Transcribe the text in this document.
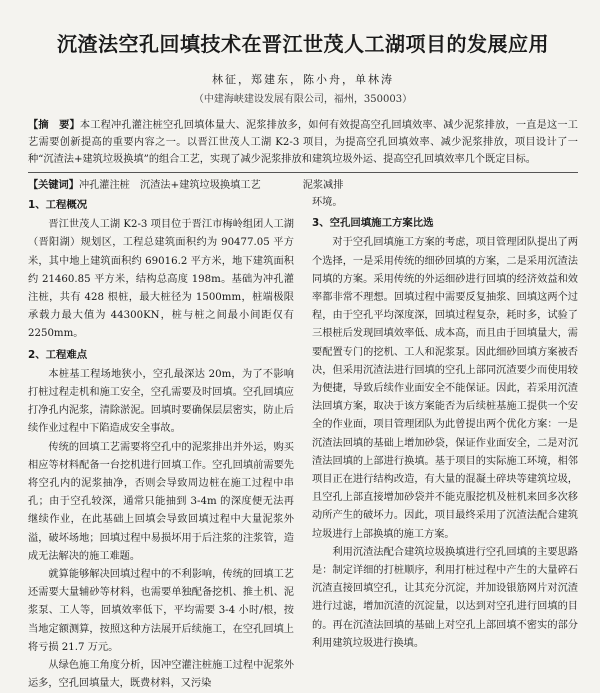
沉渣法空孔回填技术在晋江世茂人工湖项目的发展应用
林征，郑建东，陈小舟，单林涛
（中建海峡建设发展有限公司，福州，350003）
【摘　要】本工程冲孔灌注桩空孔回填体量大、泥浆排放多，如何有效提高空孔回填效率、减少泥浆排放，一直是这一工艺需要创新提高的重要内容之一。以晋江世茂人工湖 K2-3 项目，为提高空孔回填效率、减少泥浆排放，项目设计了一种“沉渣法+建筑垃圾换填”的组合工艺，实现了减少泥浆排放和建筑垃圾外运、提高空孔回填效率几个既定目标。
【关键词】冲孔灌注桩　沉渣法+建筑垃圾换填工艺	泥浆减排
1、工程概况

晋江世茂人工湖 K2-3 项目位于晋江市梅岭组团人工湖（晋阳湖）规划区，工程总建筑面积约为 90477.05 平方米，其中地上建筑面积约 69016.2 平方米，地下建筑面积约 21460.85 平方米，结构总高度 198m。基础为冲孔灌注桩，共有 428 根桩，最大桩径为 1500mm，桩端极限承载力最大值为 44300KN，桩与桩之间最小间距仅有 2250mm。

2、工程难点

本桩基工程场地狭小，空孔最深达 20m，为了不影响打桩过程走机和施工安全，空孔需要及时回填。空孔回填应打净孔内泥浆，清除淤泥。回填时要确保层层密实，防止后续作业过程中下陷造成安全事故。

传统的回填工艺需要将空孔中的泥浆排出并外运，购买相应等材料配备一台挖机进行回填工作。空孔回填前需要先将空孔内的泥浆抽净，否则会导致周边桩在施工过程中串孔；由于空孔较深，通常只能抽到 3-4m 的深度便无法再继续作业，在此基础上回填会导致回填过程中大量泥浆外溢，破坏场地；回填过程中易损坏用于后注浆的注浆管，造成无法解决的施工难题。

就算能够解决回填过程中的不利影响，传统的回填工艺还需要大量辅砂等材料，也需要单独配备挖机、推土机、泥浆泵、工人等，回填效率低下，平均需要 3-4 小时/根，按当地定额测算，按照这种方法展开后续施工，在空孔回填上将亏损 21.7 万元。

从绿色施工角度分析，因冲空灌注桩施工过程中泥浆外运多，空孔回填量大，既费材料，又污染

环境。

3、空孔回填施工方案比选

对于空孔回填施工方案的考虑，项目管理团队提出了两个选择，一是采用传统的细砂回填的方案，二是采用沉渣法同填的方案。采用传统的外运细砂进行回填的经济效益和效率都非常不理想。回填过程中需要反复抽浆、回填这两个过程，由于空孔平均深度深，回填过程复杂，耗时多，试验了三根桩后发现回填效率低、成本高，而且由于回填量大，需要配置专门的挖机、工人和泥浆泵。因此细砂回填方案被否决，但采用沉渣法进行回填的空孔上部同沉渣要少而使用较为便捷，导致后续作业面安全不能保证。因此，若采用沉渣法回填方案，取决于该方案能否为后续桩基施工提供一个安全的作业面，项目管理团队为此曾提出两个优化方案：一是沉渣法回填的基础上增加砂袋，保证作业面安全，二是对沉渣法回填的上部进行换填。基于项目的实际施工环境，相邻项目正在进行结构改造，有大量的混凝土碎块等建筑垃圾，且空孔上部直接增加砂袋并不能克服挖机及桩机来回多次移动所产生的破坏力。因此，项目最终采用了沉渣法配合建筑垃圾进行上部换填的施工方案。

利用沉渣法配合建筑垃圾换填进行空孔回填的主要思路是：制定详细的打桩顺序，利用打桩过程中产生的大量碎石沉渣直接回填空孔，让其充分沉淀，并加设银筋网片对沉渣进行过滤，增加沉渣的沉淀量，以达到对空孔进行回填的目的。再在沉渣法回填的基础上对空孔上部回填不密实的部分利用建筑垃圾进行换填。
